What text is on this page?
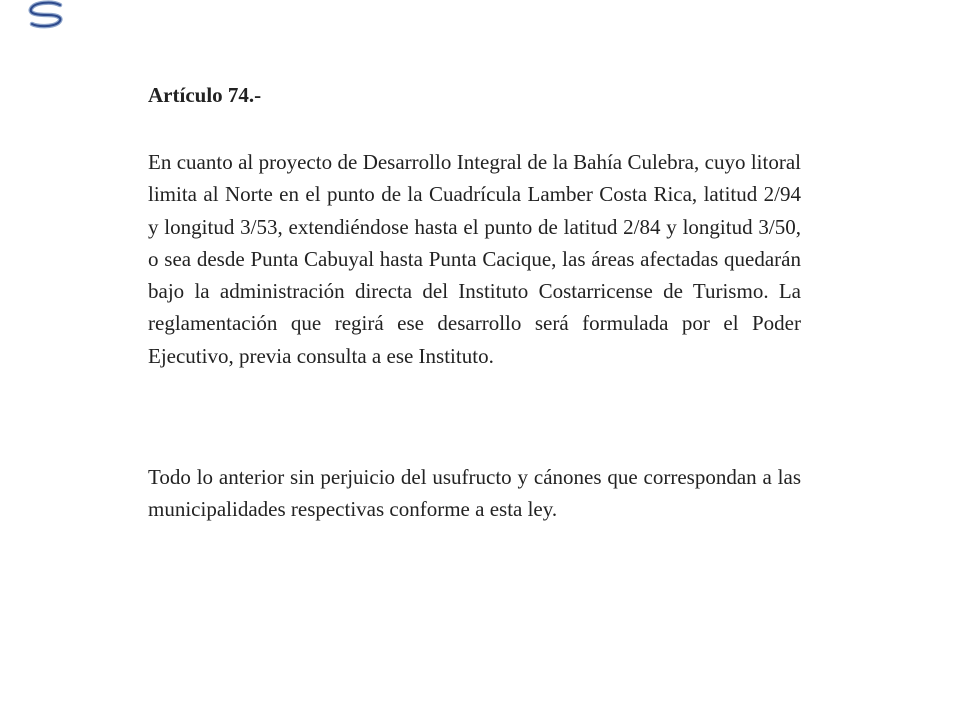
Artículo 74.-

En cuanto al proyecto de Desarrollo Integral de la Bahía Culebra, cuyo litoral limita al Norte en el punto de la Cuadrícula Lamber Costa Rica, latitud 2/94 y longitud 3/53, extendiéndose hasta el punto de latitud 2/84 y longitud 3/50, o sea desde Punta Cabuyal hasta Punta Cacique, las áreas afectadas quedarán bajo la administración directa del Instituto Costarricense de Turismo. La reglamentación que regirá ese desarrollo será formulada por el Poder Ejecutivo, previa consulta a ese Instituto.

Todo lo anterior sin perjuicio del usufructo y cánones que correspondan a las municipalidades respectivas conforme a esta ley.
